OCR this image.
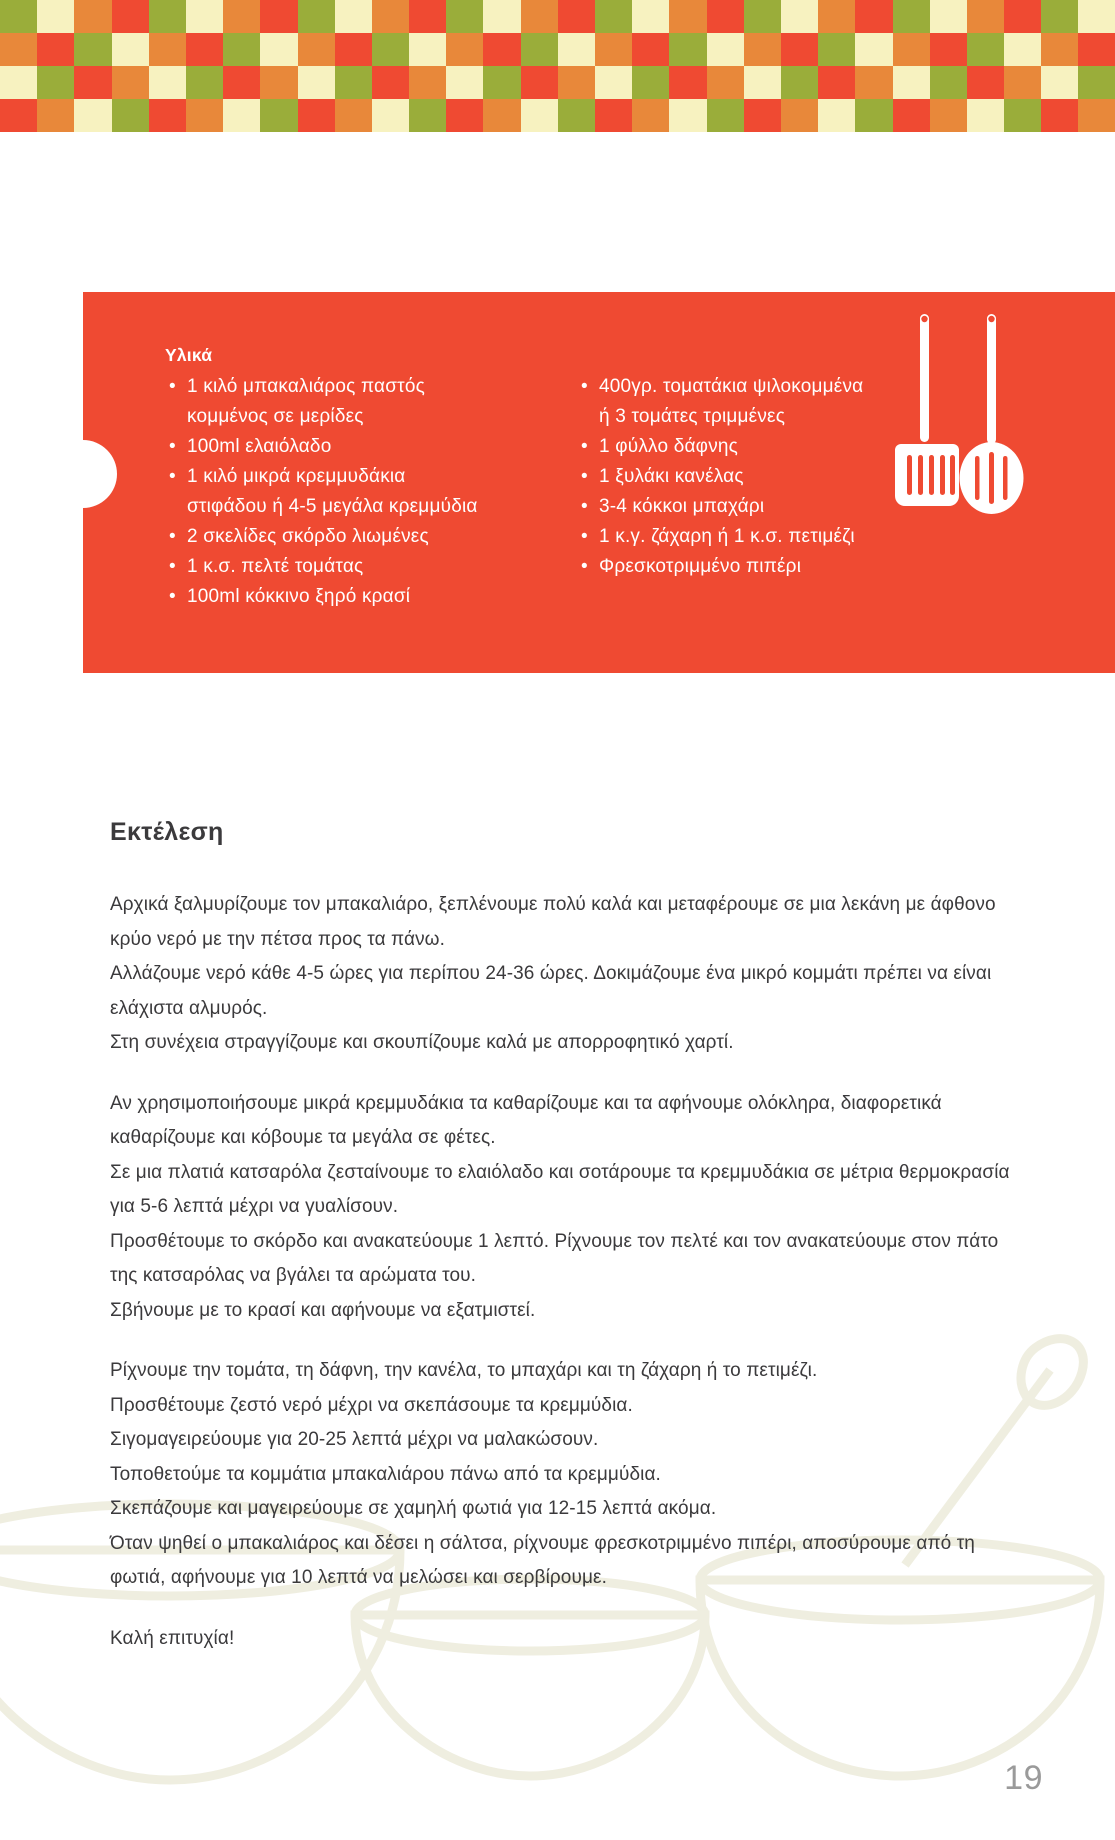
Υλικά
• 1 κιλό μπακαλιάρος παστός
κομμένος σε μερίδες
• 100ml ελαιόλαδο
• 1 κιλό μικρά κρεμμυδάκια
στιφάδου ή 4-5 μεγάλα κρεμμύδια
• 2 σκελίδες σκόρδο λιωμένες
• 1 κ.σ. πελτέ τομάτας
• 100ml κόκκινο ξηρό κρασί
• 400γρ. τοματάκια ψιλοκομμένα
ή 3 τομάτες τριμμένες
• 1 φύλλο δάφνης
• 1 ξυλάκι κανέλας
• 3-4 κόκκοι μπαχάρι
• 1 κ.γ. ζάχαρη ή 1 κ.σ. πετιμέζι
• Φρεσκοτριμμένο πιπέρι
Εκτέλεση

Αρχικά ξαλμυρίζουμε τον μπακαλιάρο, ξεπλένουμε πολύ καλά και μεταφέρουμε σε μια λεκάνη με άφθονο κρύο νερό με την πέτσα προς τα πάνω.
Αλλάζουμε νερό κάθε 4-5 ώρες για περίπου 24-36 ώρες. Δοκιμάζουμε ένα μικρό κομμάτι πρέπει να είναι ελάχιστα αλμυρός.
Στη συνέχεια στραγγίζουμε και σκουπίζουμε καλά με απορροφητικό χαρτί.

Αν χρησιμοποιήσουμε μικρά κρεμμυδάκια τα καθαρίζουμε και τα αφήνουμε ολόκληρα, διαφορετικά καθαρίζουμε και κόβουμε τα μεγάλα σε φέτες.
Σε μια πλατιά κατσαρόλα ζεσταίνουμε το ελαιόλαδο και σοτάρουμε τα κρεμμυδάκια σε μέτρια θερμοκρασία για 5-6 λεπτά μέχρι να γυαλίσουν.
Προσθέτουμε το σκόρδο και ανακατεύουμε 1 λεπτό. Ρίχνουμε τον πελτέ και τον ανακατεύουμε στον πάτο της κατσαρόλας να βγάλει τα αρώματα του.
Σβήνουμε με το κρασί και αφήνουμε να εξατμιστεί.

Ρίχνουμε την τομάτα, τη δάφνη, την κανέλα, το μπαχάρι και τη ζάχαρη ή το πετιμέζι.
Προσθέτουμε ζεστό νερό μέχρι να σκεπάσουμε τα κρεμμύδια.
Σιγομαγειρεύουμε για 20-25 λεπτά μέχρι να μαλακώσουν.
Τοποθετούμε τα κομμάτια μπακαλιάρου πάνω από τα κρεμμύδια.
Σκεπάζουμε και μαγειρεύουμε σε χαμηλή φωτιά για 12-15 λεπτά ακόμα.
Όταν ψηθεί ο μπακαλιάρος και δέσει η σάλτσα, ρίχνουμε φρεσκοτριμμένο πιπέρι, αποσύρουμε από τη φωτιά, αφήνουμε για 10 λεπτά να μελώσει και σερβίρουμε.

Καλή επιτυχία!

19
